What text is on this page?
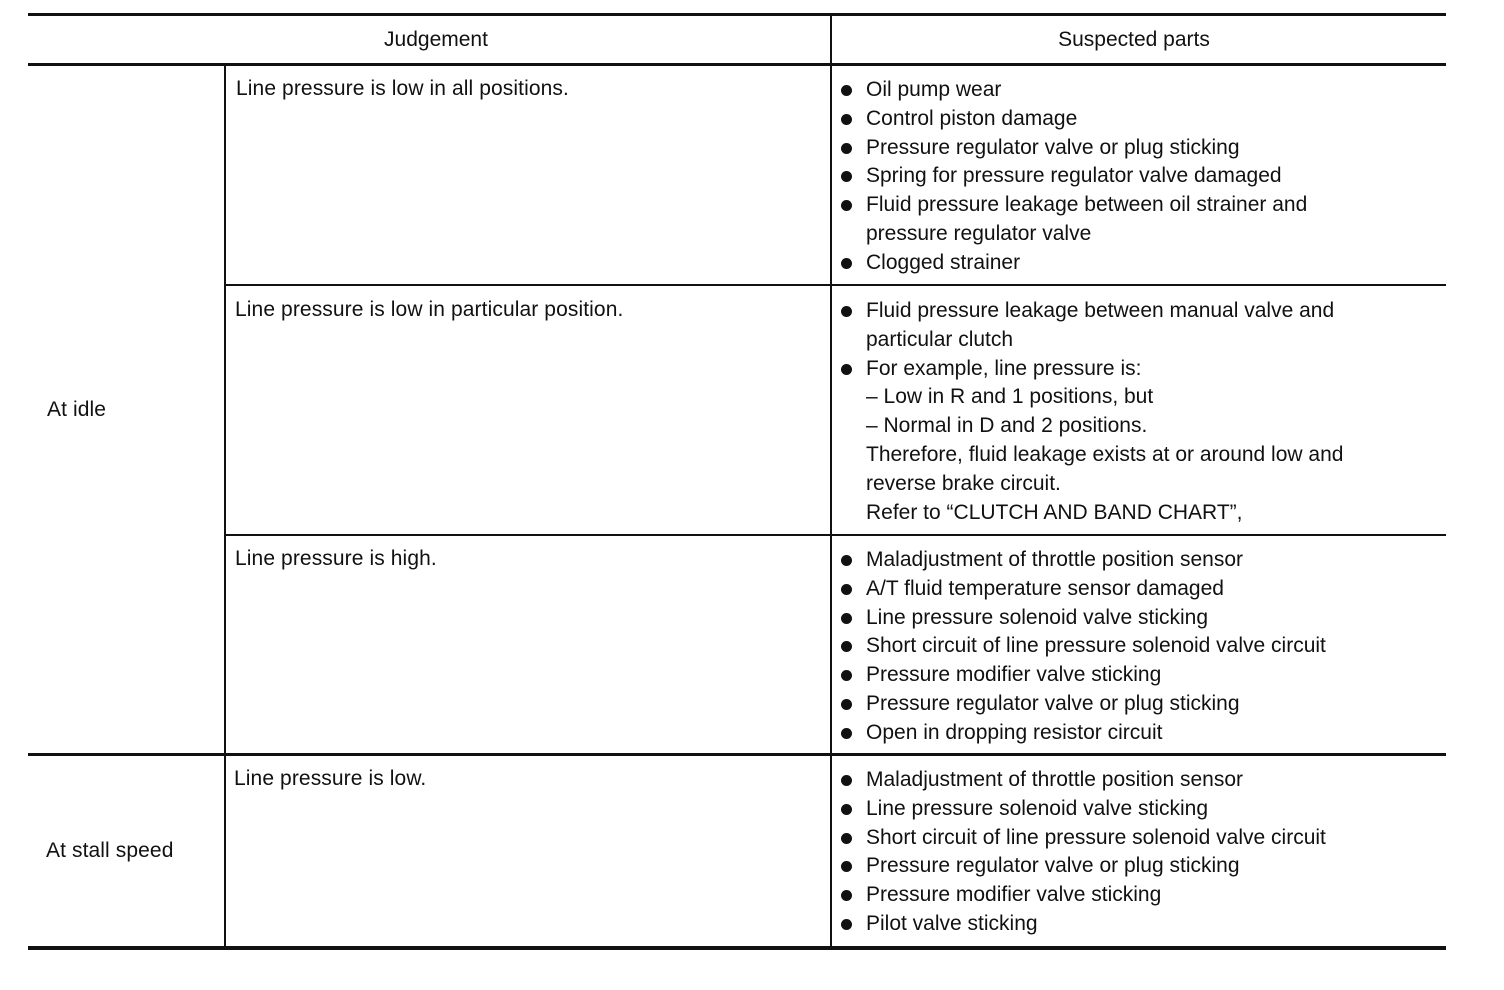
Judgement	Suspected parts
At idle
At stall speed
Line pressure is low in all positions.
Line pressure is low in particular position.
Line pressure is high.
Line pressure is low.
Oil pump wear
Control piston damage
Pressure regulator valve or plug sticking
Spring for pressure regulator valve damaged
Fluid pressure leakage between oil strainer and
pressure regulator valve
Clogged strainer
Fluid pressure leakage between manual valve and
particular clutch
For example, line pressure is:
– Low in R and 1 positions, but
– Normal in D and 2 positions.
Therefore, fluid leakage exists at or around low and
reverse brake circuit.
Refer to “CLUTCH AND BAND CHART”,
Maladjustment of throttle position sensor
A/T fluid temperature sensor damaged
Line pressure solenoid valve sticking
Short circuit of line pressure solenoid valve circuit
Pressure modifier valve sticking
Pressure regulator valve or plug sticking
Open in dropping resistor circuit
Maladjustment of throttle position sensor
Line pressure solenoid valve sticking
Short circuit of line pressure solenoid valve circuit
Pressure regulator valve or plug sticking
Pressure modifier valve sticking
Pilot valve sticking
